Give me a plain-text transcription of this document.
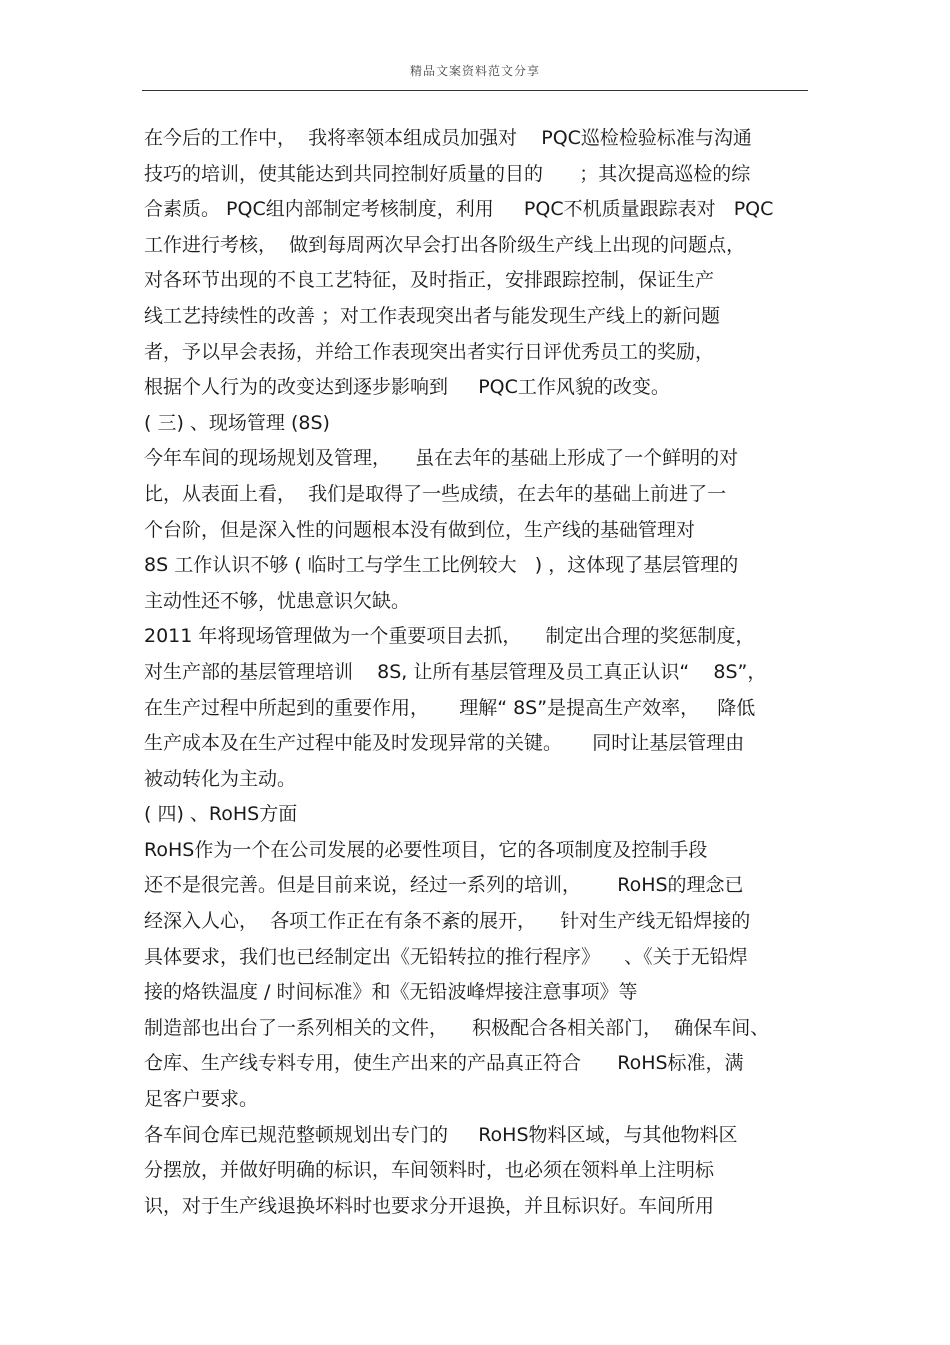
精品文案资料范文分享
在今后的工作中，  我将率领本组成员加强对    PQC巡检检验标准与沟通
技巧的培训，使其能达到共同控制好质量的目的      ；其次提高巡检的综
合素质。 PQC组内部制定考核制度，利用     PQC不机质量跟踪表对   PQC
工作进行考核，  做到每周两次早会打出各阶级生产线上出现的问题点，
对各环节出现的不良工艺特征，及时指正，安排跟踪控制，保证生产
线工艺持续性的改善 ；对工作表现突出者与能发现生产线上的新问题
者，予以早会表扬，并给工作表现突出者实行日评优秀员工的奖励，
根据个人行为的改变达到逐步影响到     PQC工作风貌的改变。
( 三) 、现场管理 (8S)
今年车间的现场规划及管理，    虽在去年的基础上形成了一个鲜明的对
比，从表面上看，  我们是取得了一些成绩，在去年的基础上前进了一
个台阶，但是深入性的问题根本没有做到位，生产线的基础管理对
8S 工作认识不够 ( 临时工与学生工比例较大   ) ，这体现了基层管理的
主动性还不够，忧患意识欠缺。
2011 年将现场管理做为一个重要项目去抓，    制定出合理的奖惩制度，
对生产部的基层管理培训    8S, 让所有基层管理及员工真正认识“    8S”，
在生产过程中所起到的重要作用，     理解“ 8S”是提高生产效率，   降低
生产成本及在生产过程中能及时发现异常的关键。     同时让基层管理由
被动转化为主动。
( 四) 、RoHS方面
RoHS作为一个在公司发展的必要性项目，它的各项制度及控制手段
还不是很完善。但是目前来说，经过一系列的培训，      RoHS的理念已
经深入人心，  各项工作正在有条不紊的展开，    针对生产线无铅焊接的
具体要求，我们也已经制定出《无铅转拉的推行程序》    、《关于无铅焊
接的烙铁温度 / 时间标准》和《无铅波峰焊接注意事项》等
制造部也出台了一系列相关的文件，    积极配合各相关部门，  确保车间、
仓库、生产线专料专用，使生产出来的产品真正符合      RoHS标准，满
足客户要求。
各车间仓库已规范整顿规划出专门的     RoHS物料区域，与其他物料区
分摆放，并做好明确的标识，车间领料时，也必须在领料单上注明标
识，对于生产线退换坏料时也要求分开退换，并且标识好。车间所用
